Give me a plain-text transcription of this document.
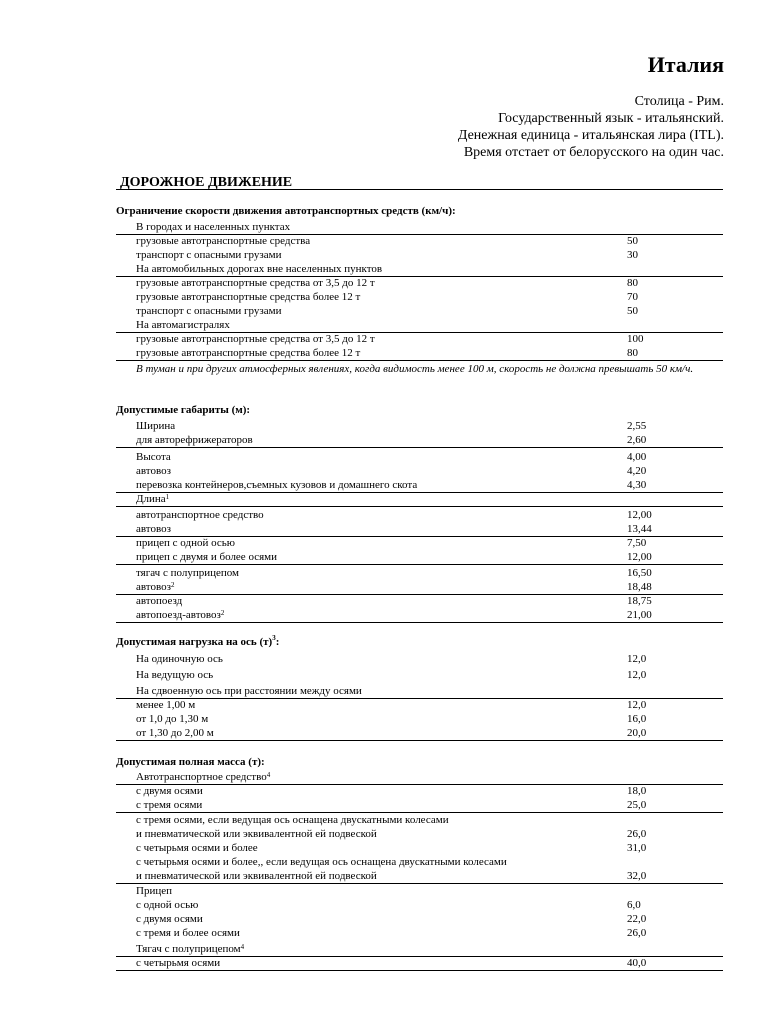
Италия
Столица - Рим.
Государственный язык - итальянский.
Денежная единица - итальянская лира (ITL).
Время отстает от белорусского на один час.
ДОРОЖНОЕ ДВИЖЕНИЕ
Ограничение скорости движения автотранспортных средств (км/ч):
В городах и населенных пунктах
грузовые автотранспортные средства	50
транспорт с опасными грузами	30
На автомобильных дорогах вне населенных пунктов
грузовые автотранспортные средства от 3,5 до 12 т	80
грузовые автотранспортные средства более 12 т	70
транспорт с опасными грузами	50
На автомагистралях
грузовые автотранспортные средства от 3,5 до 12 т	100
грузовые автотранспортные средства более 12 т	80
В туман и при других атмосферных явлениях, когда видимость менее 100 м, скорость не должна превышать 50 км/ч.
Допустимые габариты (м):
Ширина	2,55
для авторефрижераторов	2,60
Высота	4,00
автовоз	4,20
перевозка контейнеров,съемных кузовов и домашнего скота	4,30
Длина$^1$
автотранспортное средство	12,00
автовоз	13,44
прицеп с одной осью	7,50
прицеп с двумя и более осями	12,00
тягач с полуприцепом	16,50
автовоз$^2$	18,48
автопоезд	18,75
автопоезд-автовоз$^2$	21,00
Допустимая нагрузка на ось $(т)^3$:
На одиночную ось	12,0
На ведущую ось	12,0
На сдвоенную ось при расстоянии между осями
менее 1,00 м	12,0
от 1,0 до 1,30 м	16,0
от 1,30 до 2,00 м	20,0
Допустимая полная масса (т):
Автотранспортное средство$^4$
с двумя осями	18,0
с тремя осями	25,0
с тремя осями, если ведущая ось оснащена двускатными колесами
и пневматической или эквивалентной ей подвеской	26,0
с четырьмя осями и более	31,0
с четырьмя осями и более,, если ведущая ось оснащена двускатными колесами
и пневматической или эквивалентной ей подвеской	32,0
Прицеп
с одной осью	6,0
с двумя осями	22,0
с тремя и более осями	26,0
Тягач с полуприцепом$^4$
с четырьмя осями	40,0
